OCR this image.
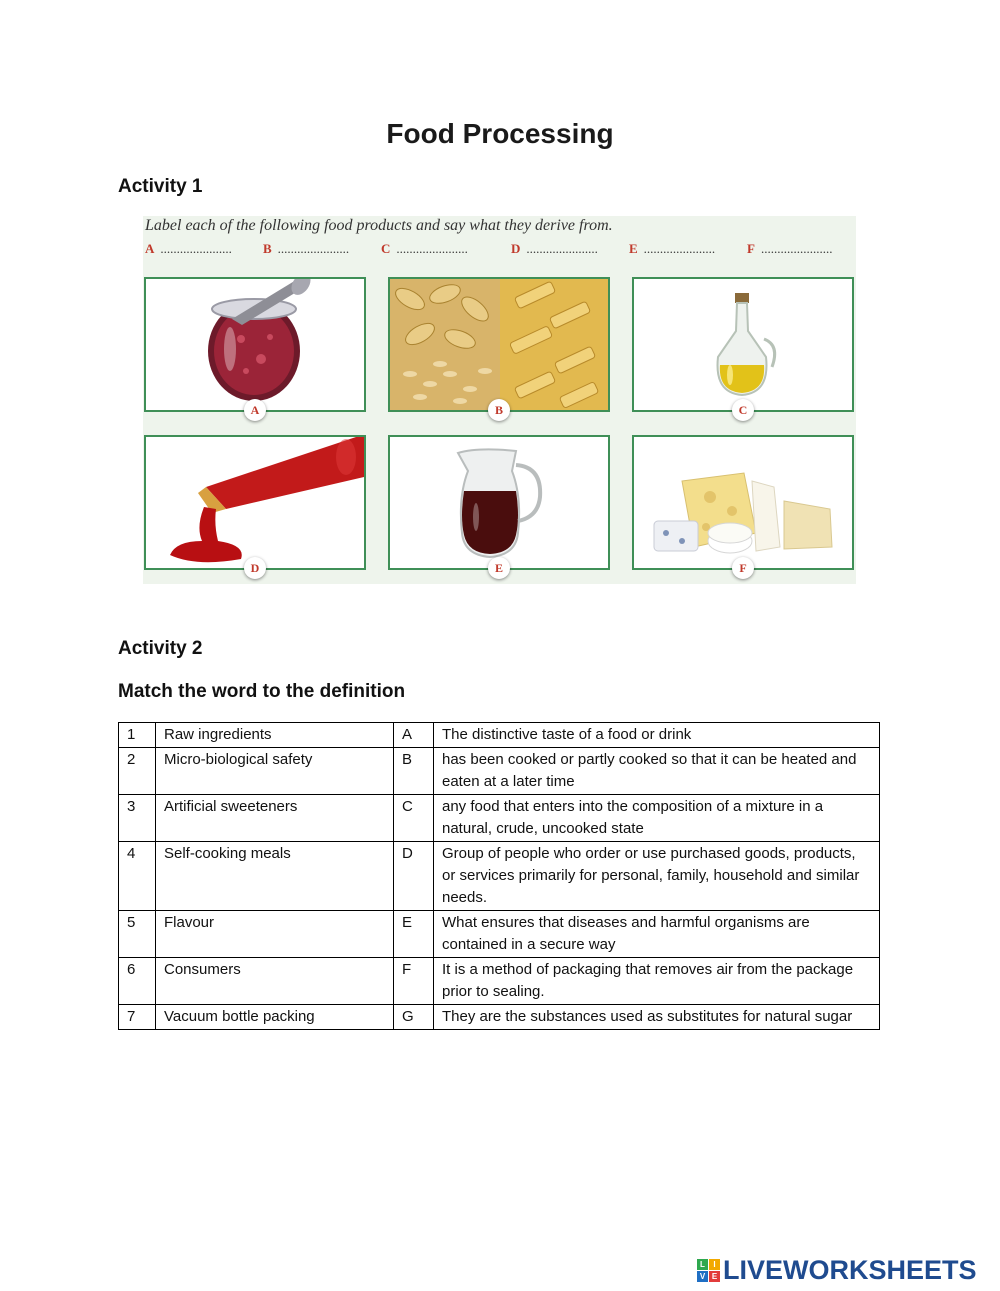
Food Processing
Activity 1
Label each of the following food products and say what they derive from.
A ...................... B ...................... C ......................	D ...................... E ...................... F ......................
A	B	C
D	E	F
Activity 2
Match the word to the definition
1	Raw ingredients	A	The distinctive taste of a food or drink
2	Micro-biological safety	B	has been cooked or partly cooked so that it can be heated and eaten at a later time
3	Artificial sweeteners	C	any food that enters into the composition of a mixture in a natural, crude, uncooked state
4	Self-cooking meals	D	Group of people who order or use purchased goods, products, or services primarily for personal, family, household and similar needs.
5	Flavour	E	What ensures that diseases and harmful organisms are contained in a secure way
6	Consumers	F	It is a method of packaging that removes air from the package prior to sealing.
7	Vacuum bottle packing	G	They are the substances used as substitutes for natural sugar
L	I
V E LIVEWORKSHEETS
